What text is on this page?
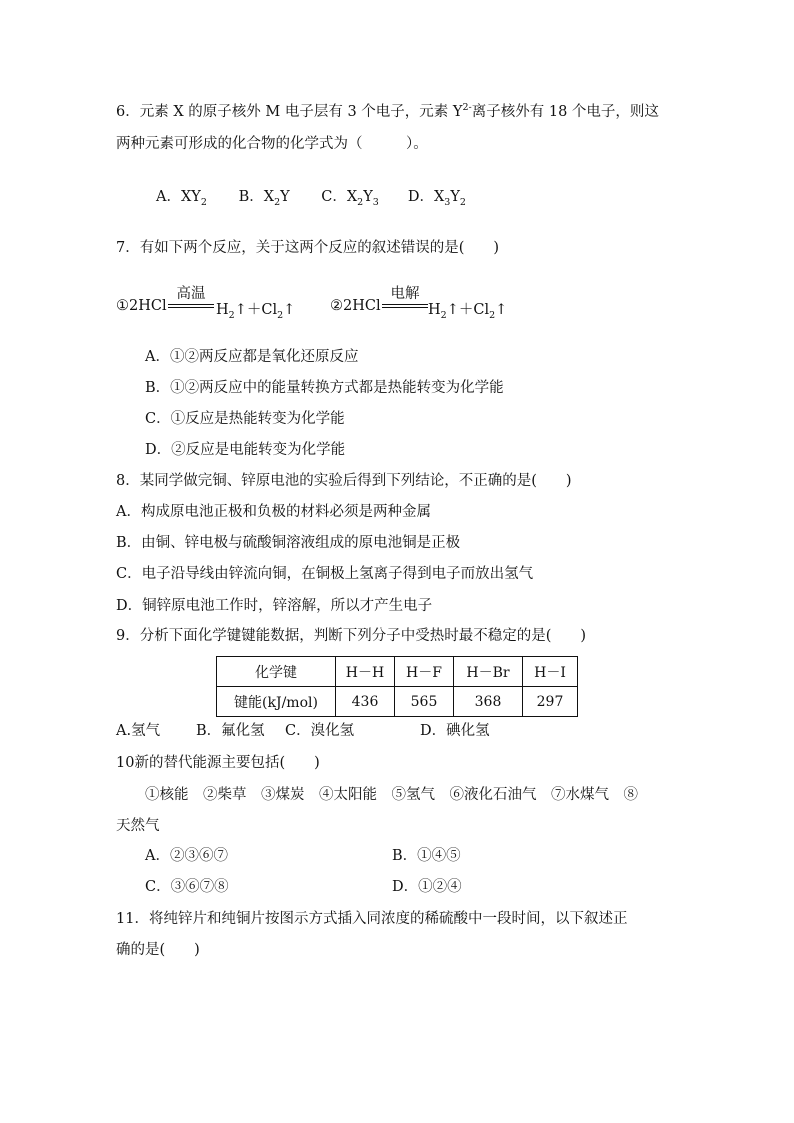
6．元素 X 的原子核外 M 电子层有 3 个电子，元素 $Y^{2-}$离子核外有 18 个电子，则这
两种元素可形成的化合物的化学式为（　　　）。
A．$XY_2$ B．$X_2Y$ C．$X_2Y_3$ D．$X_3Y_2$
7．有如下两个反应，关于这两个反应的叙述错误的是(　　)
①2HCl
高温
$H_2↑+Cl_2↑$ ②2HCl
电解
$H_2↑+Cl_2↑$
A．①②两反应都是氧化还原反应
B．①②两反应中的能量转换方式都是热能转变为化学能
C．①反应是热能转变为化学能
D．②反应是电能转变为化学能
8．某同学做完铜、锌原电池的实验后得到下列结论，不正确的是(　　)
A．构成原电池正极和负极的材料必须是两种金属
B．由铜、锌电极与硫酸铜溶液组成的原电池铜是正极
C．电子沿导线由锌流向铜，在铜极上氢离子得到电子而放出氢气
D．铜锌原电池工作时，锌溶解，所以才产生电子
9．分析下面化学键键能数据，判断下列分子中受热时最不稳定的是(　　)
化学键	H－H	H－F	H－Br	H－I
键能(kJ/mol)	436	565	368	297
A.氢气 B．氟化氢 C．溴化氢	D．碘化氢
10新的替代能源主要包括(　　)
①核能　②柴草　③煤炭　④太阳能　⑤氢气　⑥液化石油气　⑦水煤气　⑧
天然气
A．②③⑥⑦	B．①④⑤
C．③⑥⑦⑧	D．①②④
11．将纯锌片和纯铜片按图示方式插入同浓度的稀硫酸中一段时间，以下叙述正
确的是(　　)
